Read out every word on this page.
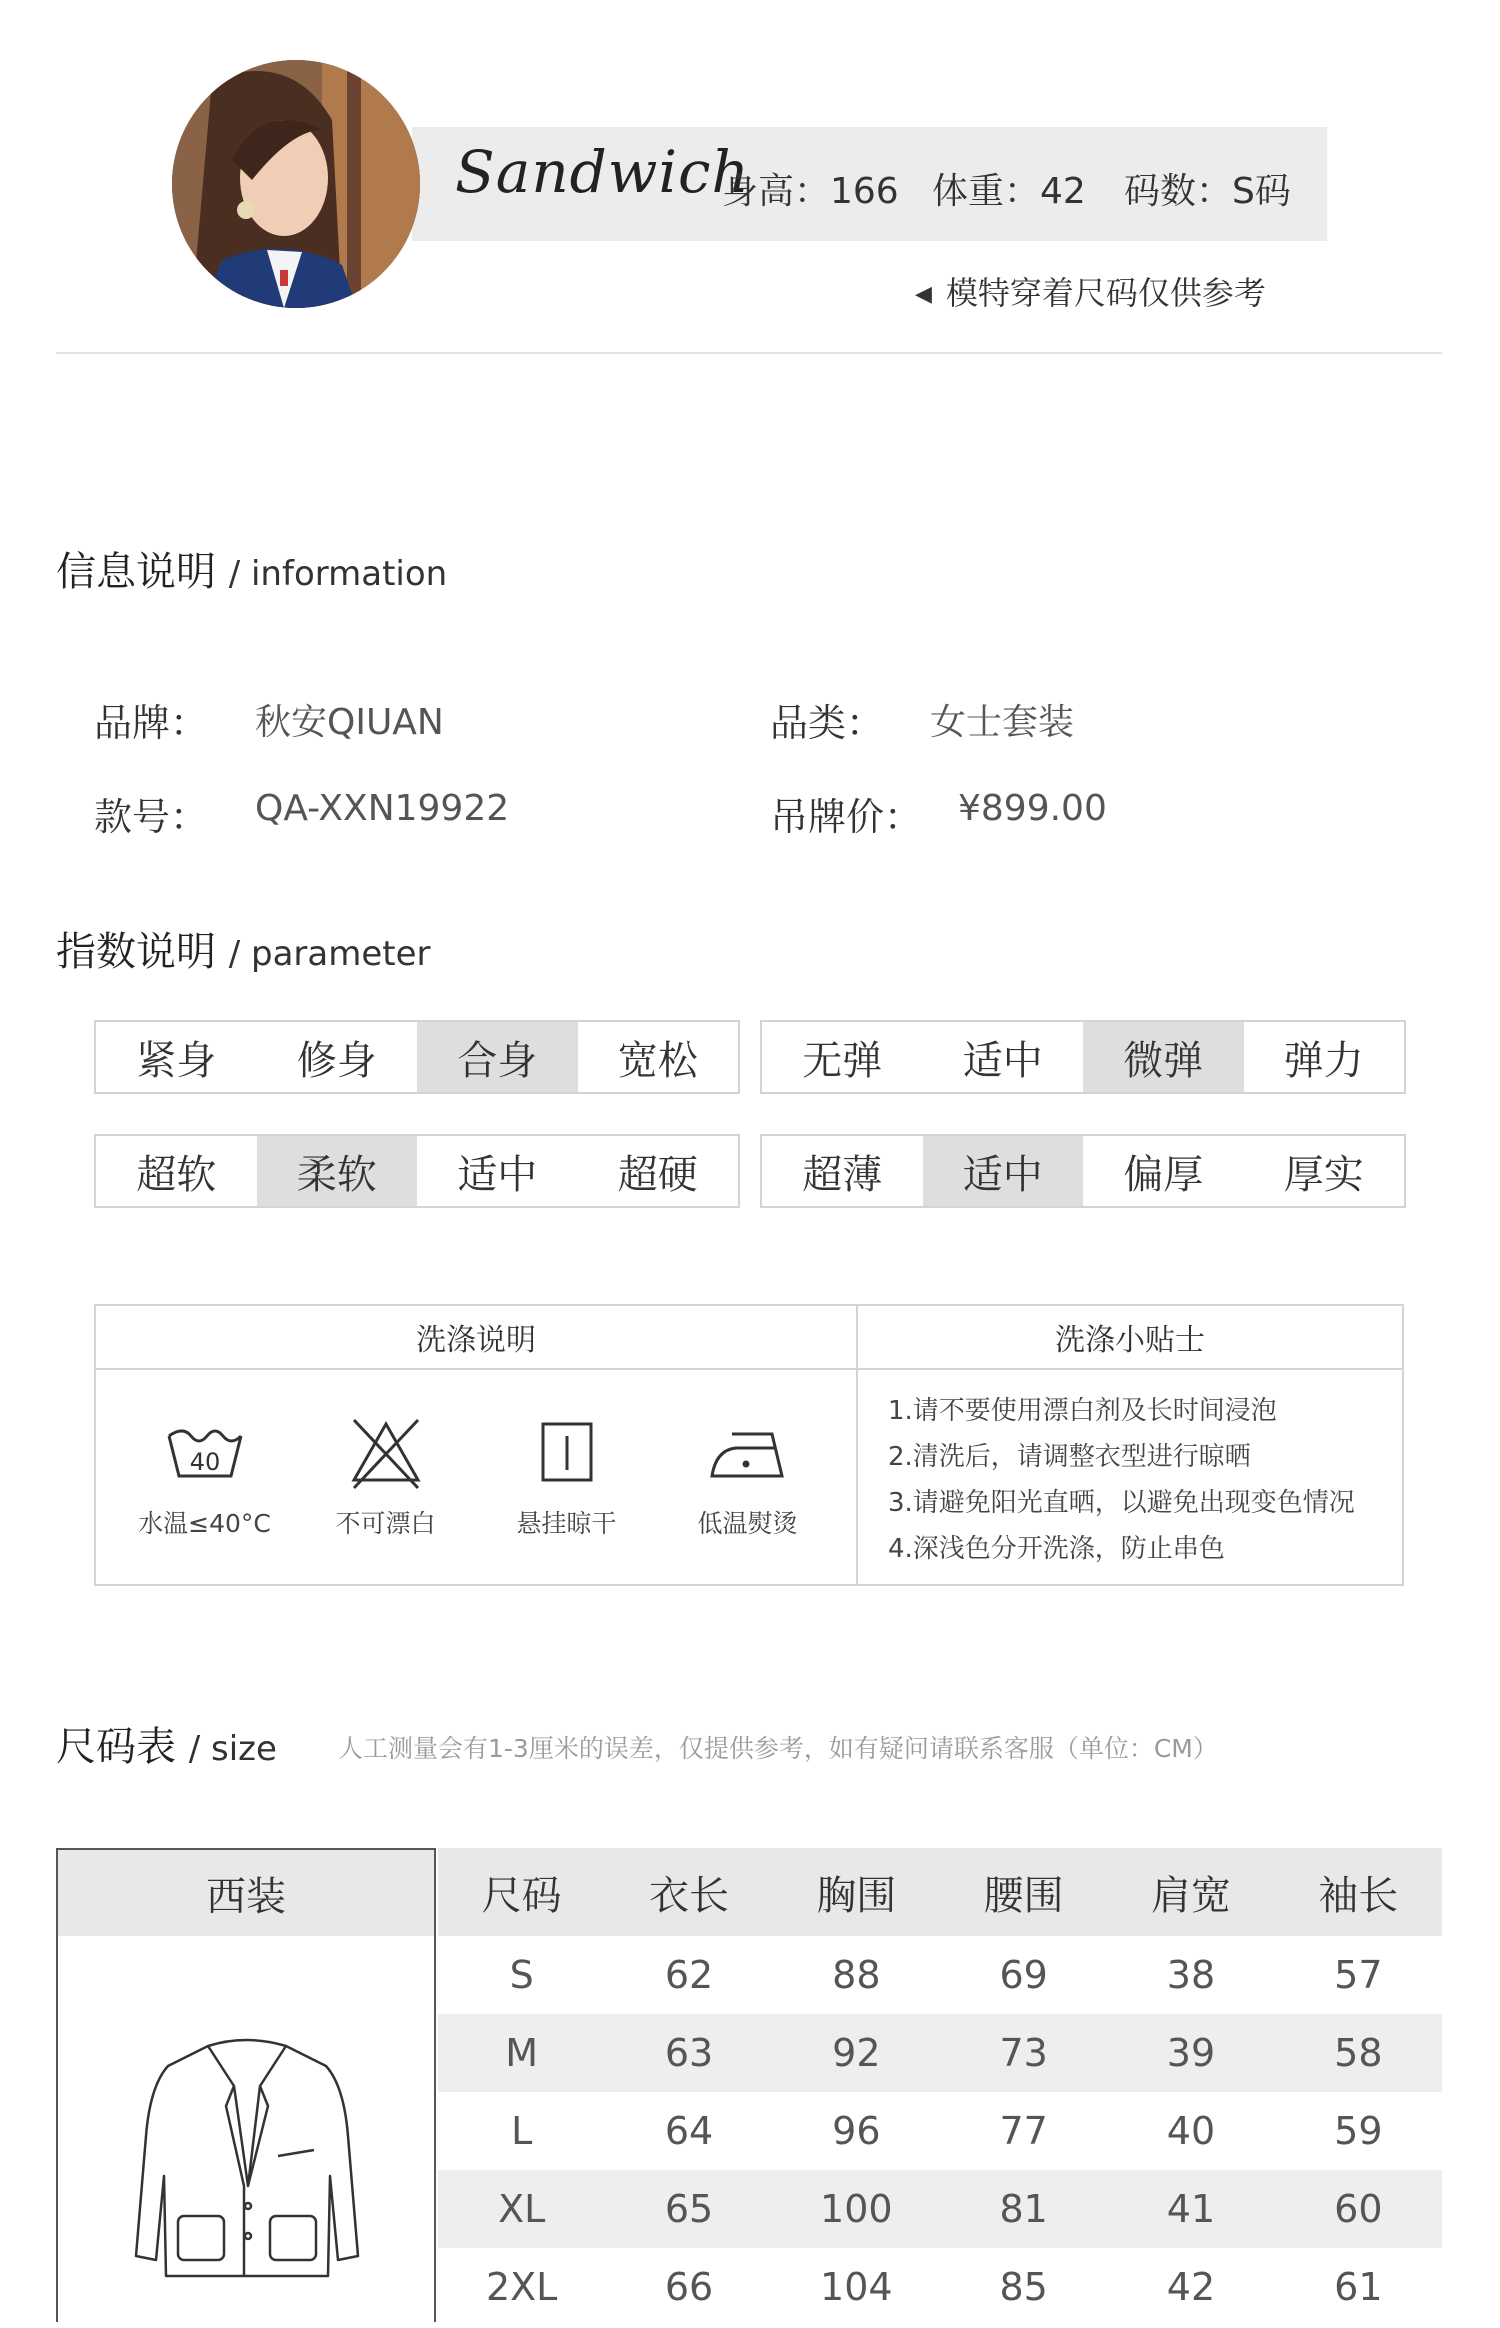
Sandwich
身高：166 体重：42 码数：S码
◀ 模特穿着尺码仅供参考
信息说明 / information
品牌： 秋安QIUAN	品类： 女士套装
款号： QA-XXN19922	吊牌价： ¥899.00
指数说明 / parameter
紧身	修身	合身	宽松	无弹	适中	微弹	弹力
超软	柔软	适中	超硬	超薄	适中	偏厚	厚实
洗涤说明
40
水温≤40°C	不可漂白	悬挂晾干	低温熨烫
洗涤小贴士
1.请不要使用漂白剂及长时间浸泡
2.清洗后，请调整衣型进行晾晒
3.请避免阳光直晒，以避免出现变色情况
4.深浅色分开洗涤，防止串色
尺码表 / size 人工测量会有1-3厘米的误差，仅提供参考，如有疑问请联系客服（单位：CM）
西装	尺码	衣长	胸围	腰围	肩宽	袖长
S	62	88	69	38	57
M	63	92	73	39	58
L	64	96	77	40	59
XL	65	100	81	41	60
2XL	66	104	85	42	61
